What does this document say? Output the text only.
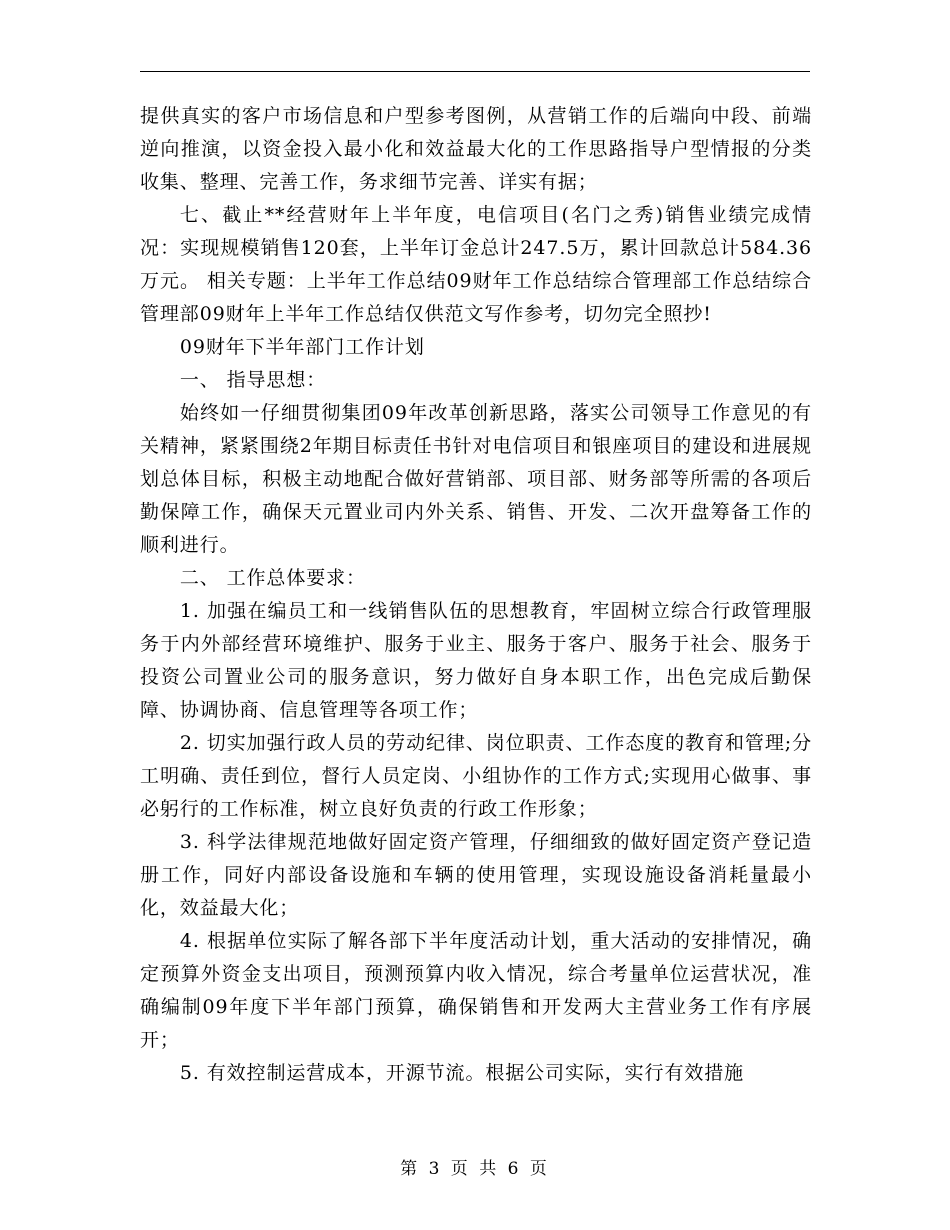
提供真实的客户市场信息和户型参考图例，从营销工作的后端向中段、前端逆向推演，以资金投入最小化和效益最大化的工作思路指导户型情报的分类收集、整理、完善工作，务求细节完善、详实有据；

七、截止**经营财年上半年度，电信项目(名门之秀)销售业绩完成情况：实现规模销售120套，上半年订金总计247.5万，累计回款总计584.36万元。 相关专题：上半年工作总结09财年工作总结综合管理部工作总结综合管理部09财年上半年工作总结仅供范文写作参考，切勿完全照抄!

09财年下半年部门工作计划

一、 指导思想：

始终如一仔细贯彻集团09年改革创新思路，落实公司领导工作意见的有关精神，紧紧围绕2年期目标责任书针对电信项目和银座项目的建设和进展规划总体目标，积极主动地配合做好营销部、项目部、财务部等所需的各项后勤保障工作，确保天元置业司内外关系、销售、开发、二次开盘筹备工作的顺利进行。

二、 工作总体要求：

1. 加强在编员工和一线销售队伍的思想教育，牢固树立综合行政管理服务于内外部经营环境维护、服务于业主、服务于客户、服务于社会、服务于投资公司置业公司的服务意识，努力做好自身本职工作，出色完成后勤保障、协调协商、信息管理等各项工作；

2. 切实加强行政人员的劳动纪律、岗位职责、工作态度的教育和管理;分工明确、责任到位，督行人员定岗、小组协作的工作方式;实现用心做事、事必躬行的工作标准，树立良好负责的行政工作形象；

3. 科学法律规范地做好固定资产管理，仔细细致的做好固定资产登记造册工作，同好内部设备设施和车辆的使用管理，实现设施设备消耗量最小化，效益最大化；

4. 根据单位实际了解各部下半年度活动计划，重大活动的安排情况，确定预算外资金支出项目，预测预算内收入情况，综合考量单位运营状况，准确编制09年度下半年部门预算，确保销售和开发两大主营业务工作有序展开；

5. 有效控制运营成本，开源节流。根据公司实际，实行有效措施

第 3 页 共 6 页
